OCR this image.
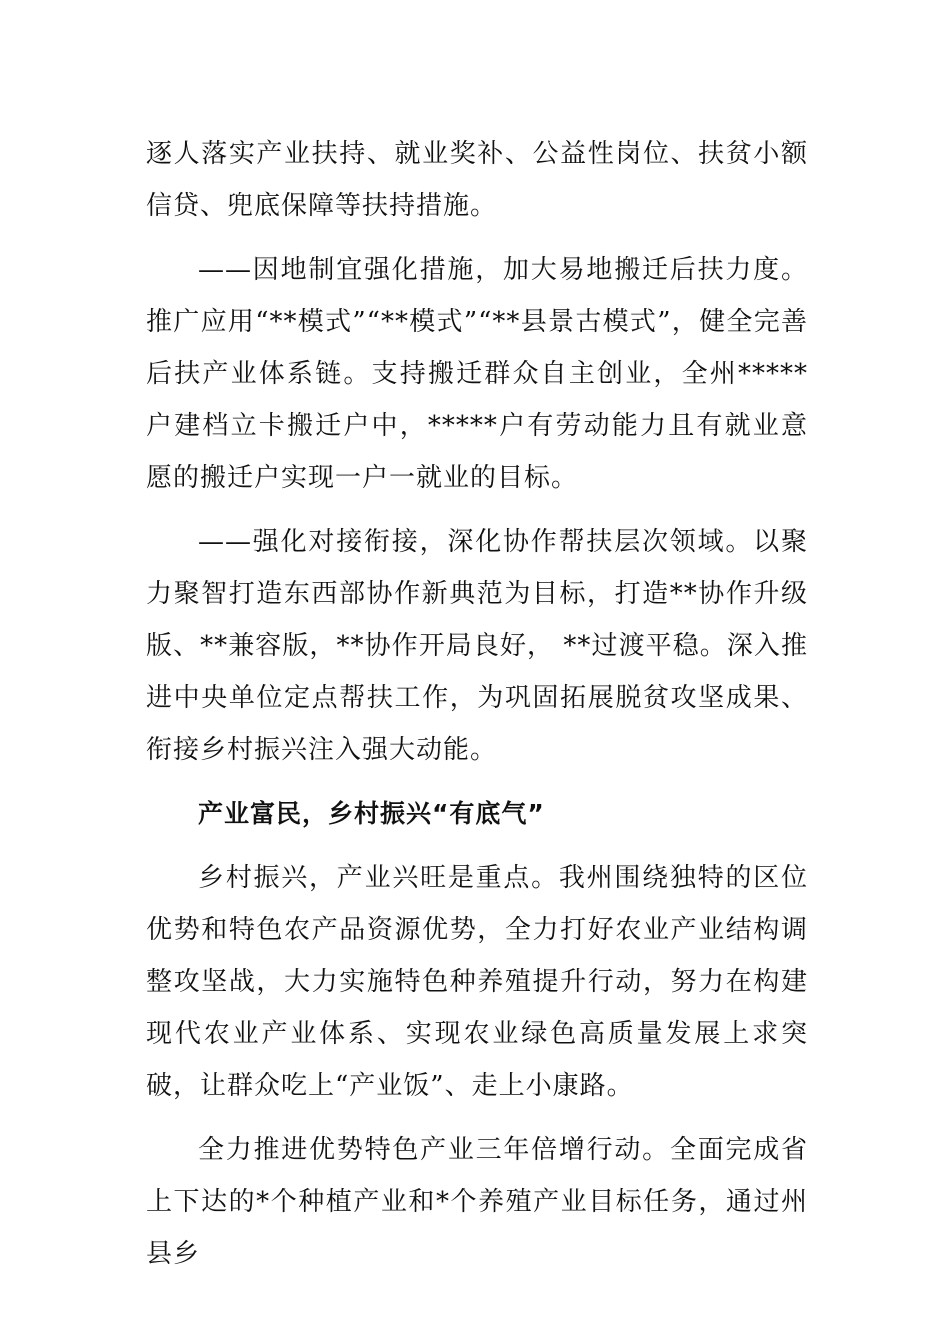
逐人落实产业扶持、就业奖补、公益性岗位、扶贫小额信贷、兜底保障等扶持措施。

——因地制宜强化措施，加大易地搬迁后扶力度。推广应用“**模式”“**模式”“**县景古模式”，健全完善后扶产业体系链。支持搬迁群众自主创业，全州*****户建档立卡搬迁户中，*****户有劳动能力且有就业意愿的搬迁户实现一户一就业的目标。

——强化对接衔接，深化协作帮扶层次领域。以聚力聚智打造东西部协作新典范为目标，打造**协作升级版、**兼容版，**协作开局良好， **过渡平稳。深入推进中央单位定点帮扶工作，为巩固拓展脱贫攻坚成果、衔接乡村振兴注入强大动能。

产业富民，乡村振兴“有底气”

乡村振兴，产业兴旺是重点。我州围绕独特的区位优势和特色农产品资源优势，全力打好农业产业结构调整攻坚战，大力实施特色种养殖提升行动，努力在构建现代农业产业体系、实现农业绿色高质量发展上求突破，让群众吃上“产业饭”、走上小康路。

全力推进优势特色产业三年倍增行动。全面完成省上下达的*个种植产业和*个养殖产业目标任务，通过州县乡
